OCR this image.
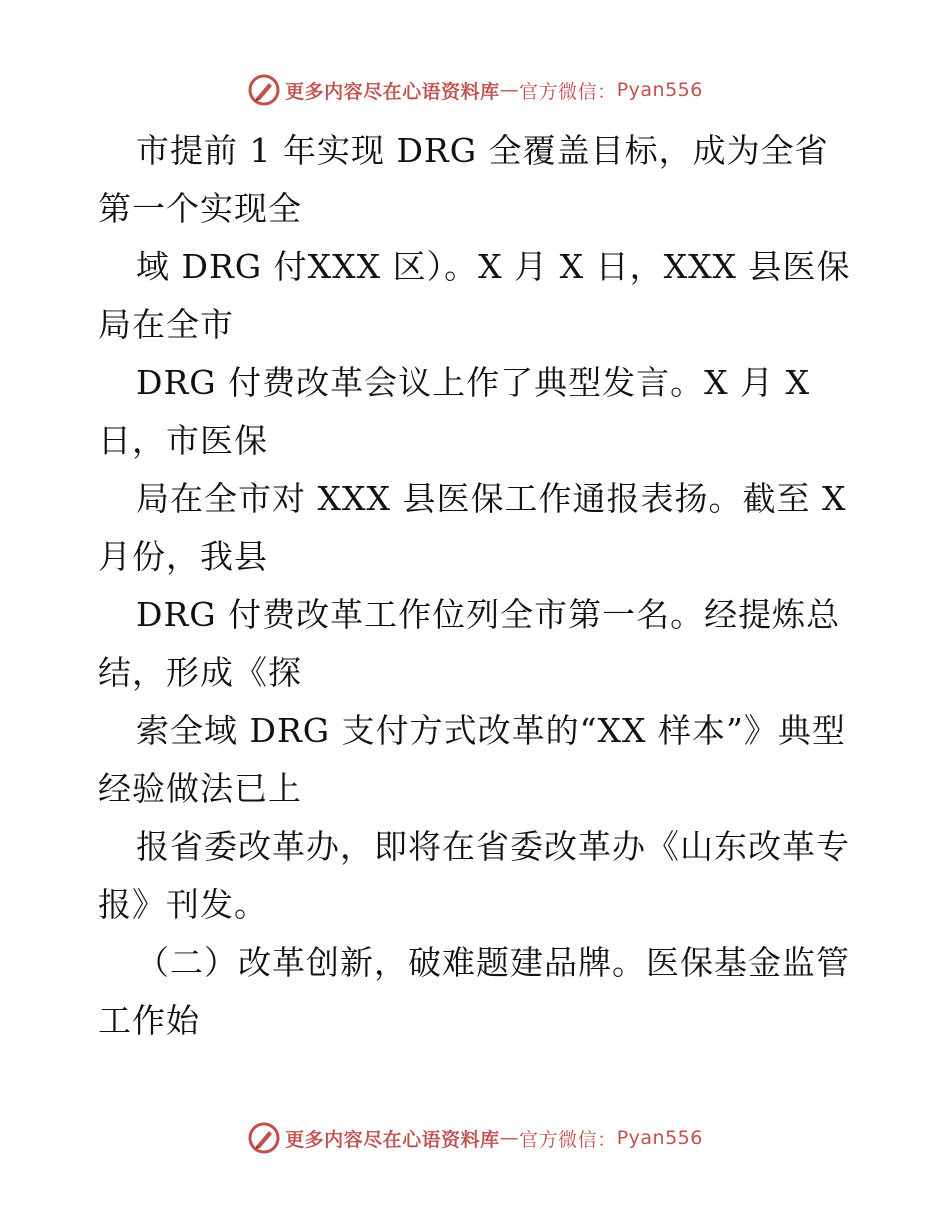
更多内容尽在心语资料库 — 官方微信： Pyan556
市提前 1 年实现 DRG 全覆盖目标，成为全省
第一个实现全
域 DRG 付XXX 区）。X 月 X 日，XXX 县医保
局在全市
DRG 付费改革会议上作了典型发言。X 月 X
日，市医保
局在全市对 XXX 县医保工作通报表扬。截至 X
月份，我县
DRG 付费改革工作位列全市第一名。经提炼总
结，形成《探
索全域 DRG 支付方式改革的“XX 样本”》典型
经验做法已上
报省委改革办，即将在省委改革办《山东改革专
报》刊发。
（二）改革创新，破难题建品牌。医保基金监管
工作始
更多内容尽在心语资料库 — 官方微信： Pyan556
